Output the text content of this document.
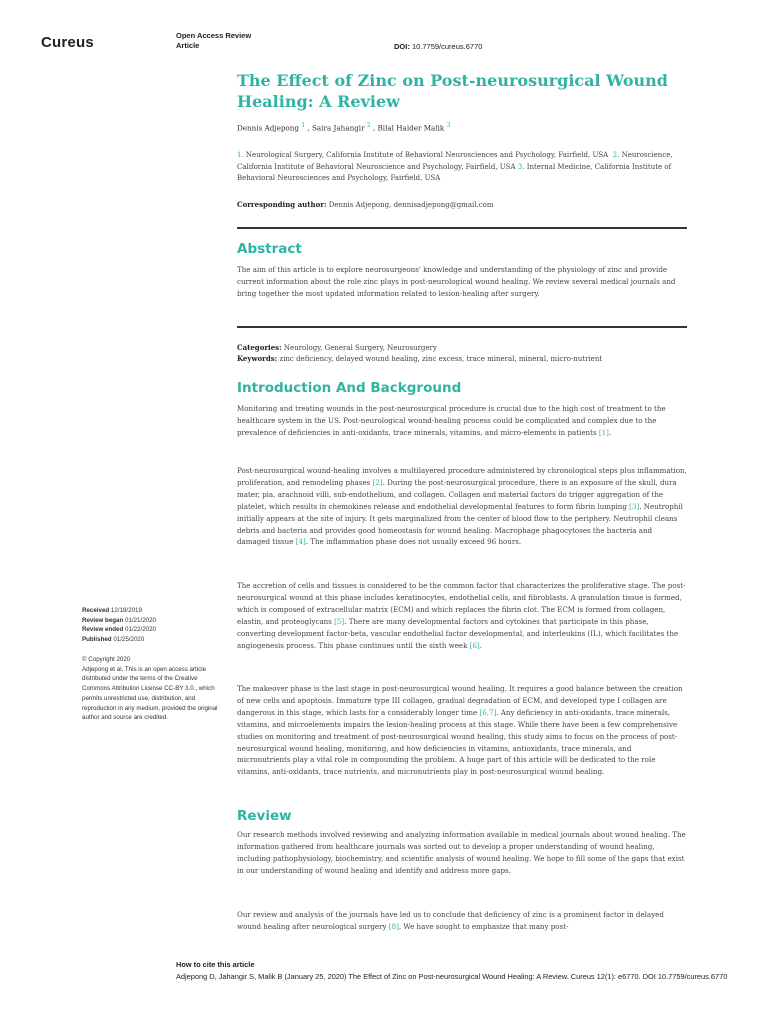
Cureus	Open Access Review
Article	DOI: 10.7759/cureus.6770
The Effect of Zinc on Post-neurosurgical Wound Healing: A Review
Dennis Adjepong $^1$ , Saira Jahangir $^2$ , Bilal Haider Malik $^3$
1. Neurological Surgery, California Institute of Behavioral Neurosciences and Psychology, Fairfield, USA 2. Neuroscience, California Institute of Behavioral Neuroscience and Psychology, Fairfield, USA 3. Internal Medicine, California Institute of Behavioral Neurosciences and Psychology, Fairfield, USA
Corresponding author: Dennis Adjepong, dennisadjepong@gmail.com
Abstract
The aim of this article is to explore neurosurgeons' knowledge and understanding of the physiology of zinc and provide current information about the role zinc plays in post-neurological wound healing. We review several medical journals and bring together the most updated information related to lesion-healing after surgery.
Categories: Neurology, General Surgery, Neurosurgery
Keywords: zinc deficiency, delayed wound healing, zinc excess, trace mineral, mineral, micro-nutrient
Introduction And Background
Monitoring and treating wounds in the post-neurosurgical procedure is crucial due to the high cost of treatment to the healthcare system in the US. Post-neurological wound-healing process could be complicated and complex due to the prevalence of deficiencies in anti-oxidants, trace minerals, vitamins, and micro-elements in patients [1].
Post-neurosurgical wound-healing involves a multilayered procedure administered by chronological steps plus inflammation, proliferation, and remodeling phases [2]. During the post-neurosurgical procedure, there is an exposure of the skull, dura mater, pia, arachnoid villi, sub-endothelium, and collagen. Collagen and material factors do trigger aggregation of the platelet, which results in chemokines release and endothelial developmental features to form fibrin lumping [3]. Neutrophil initially appears at the site of injury. It gets marginalized from the center of blood flow to the periphery. Neutrophil cleans debris and bacteria and provides good homeostasis for wound healing. Macrophage phagocytoses the bacteria and damaged tissue [4]. The inflammation phase does not usually exceed 96 hours.
The accretion of cells and tissues is considered to be the common factor that characterizes the proliferative stage. The post-neurosurgical wound at this phase includes keratinocytes, endothelial cells, and fibroblasts. A granulation tissue is formed, which is composed of extracellular matrix (ECM) and which replaces the fibrin clot. The ECM is formed from collagen, elastin, and proteoglycans [5]. There are many developmental factors and cytokines that participate in this phase, converting development factor-beta, vascular endothelial factor developmental, and interleukins (IL), which facilitates the angiogenesis process. This phase continues until the sixth week [6].
The makeover phase is the last stage in post-neurosurgical wound healing. It requires a good balance between the creation of new cells and apoptosis. Immature type III collagen, gradual degradation of ECM, and developed type I collagen are dangerous in this stage, which lasts for a considerably longer time [6,7]. Any deficiency in anti-oxidants, trace minerals, vitamins, and microelements impairs the lesion-healing process at this stage. While there have been a few comprehensive studies on monitoring and treatment of post-neurosurgical wound healing, this study aims to focus on the process of post-neurosurgical wound healing, monitoring, and how deficiencies in vitamins, antioxidants, trace minerals, and micronutrients play a vital role in compounding the problem. A huge part of this article will be dedicated to the role vitamins, anti-oxidants, trace nutrients, and micronutrients play in post-neurosurgical wound healing.
Review
Our research methods involved reviewing and analyzing information available in medical journals about wound healing. The information gathered from healthcare journals was sorted out to develop a proper understanding of wound healing, including pathophysiology, biochemistry, and scientific analysis of wound healing. We hope to fill some of the gaps that exist in our understanding of wound healing and identify and address more gaps.
Our review and analysis of the journals have led us to conclude that deficiency of zinc is a prominent factor in delayed wound healing after neurological surgery [8]. We have sought to emphasize that many post-
Received 12/18/2019
Review began 01/21/2020
Review ended 01/22/2020
Published 01/25/2020
© Copyright 2020
Adjepong et al. This is an open access article distributed under the terms of the Creative Commons Attribution License CC-BY 3.0., which permits unrestricted use, distribution, and reproduction in any medium, provided the original author and source are credited.
How to cite this article
Adjepong D, Jahangir S, Malik B (January 25, 2020) The Effect of Zinc on Post-neurosurgical Wound Healing: A Review. Cureus 12(1): e6770. DOI 10.7759/cureus.6770
